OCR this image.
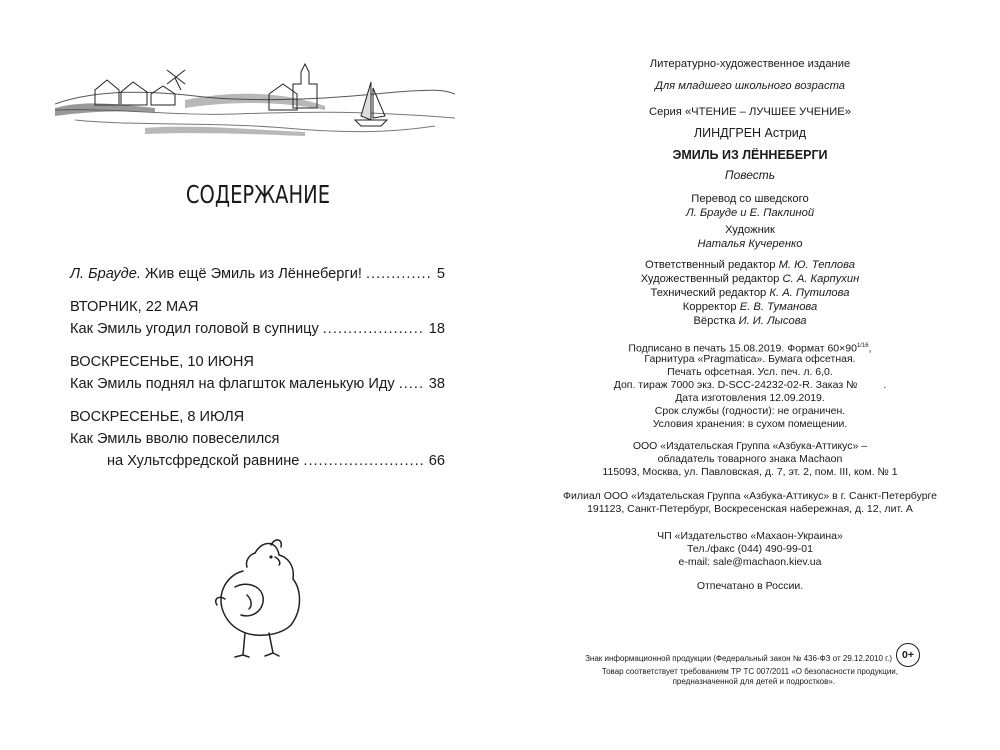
СОДЕРЖАНИЕ
Л. Брауде. Жив ещё Эмиль из Лённеберги! .....	5
ВТОРНИК, 22 МАЯ
Как Эмиль угодил головой в супницу .....	18
ВОСКРЕСЕНЬЕ, 10 ИЮНЯ
Как Эмиль поднял на флагшток маленькую Иду ..... 38
ВОСКРЕСЕНЬЕ, 8 ИЮЛЯ
Как Эмиль вволю повеселился
на Хультсфредской равнине .....	66
Литературно-художественное издание
Для младшего школьного возраста
Серия «ЧТЕНИЕ – ЛУЧШЕЕ УЧЕНИЕ»
ЛИНДГРЕН Астрид
ЭМИЛЬ ИЗ ЛЁННЕБЕРГИ
Повесть
Перевод со шведского
Л. Брауде и Е. Паклиной
Художник
Наталья Кучеренко
Ответственный редактор М. Ю. Теплова
Художественный редактор С. А. Карпухин
Технический редактор К. А. Путилова
Корректор Е. В. Туманова
Вёрстка И. И. Лысова
Подписано в печать 15.08.2019. Формат $60\times 90^{1/16}$,
Гарнитура «Pragmatica». Бумага офсетная.
Печать офсетная. Усл. печ. л. 6,0.
Доп. тираж 7000 экз. D-SCC-24232-02-R. Заказ № .
Дата изготовления 12.09.2019.
Срок службы (годности): не ограничен.
Условия хранения: в сухом помещении.
ООО «Издательская Группа «Азбука-Аттикус» –
обладатель товарного знака Machaon
115093, Москва, ул. Павловская, д. 7, эт. 2, пом. III, ком. № 1
Филиал ООО «Издательская Группа «Азбука-Аттикус» в г. Санкт-Петербурге
191123, Санкт-Петербург, Воскресенская набережная, д. 12, лит. А
ЧП «Издательство «Махаон-Украина»
Тел./факс (044) 490-99-01
e-mail: sale@machaon.kiev.ua
Отпечатано в России.
Знак информационной продукции (Федеральный закон № 436-ФЗ от 29.12.2010 г.)
Товар соответствует требованиям ТР ТС 007/2011 «О безопасности продукции,
предназначенной для детей и подростков».
0+
